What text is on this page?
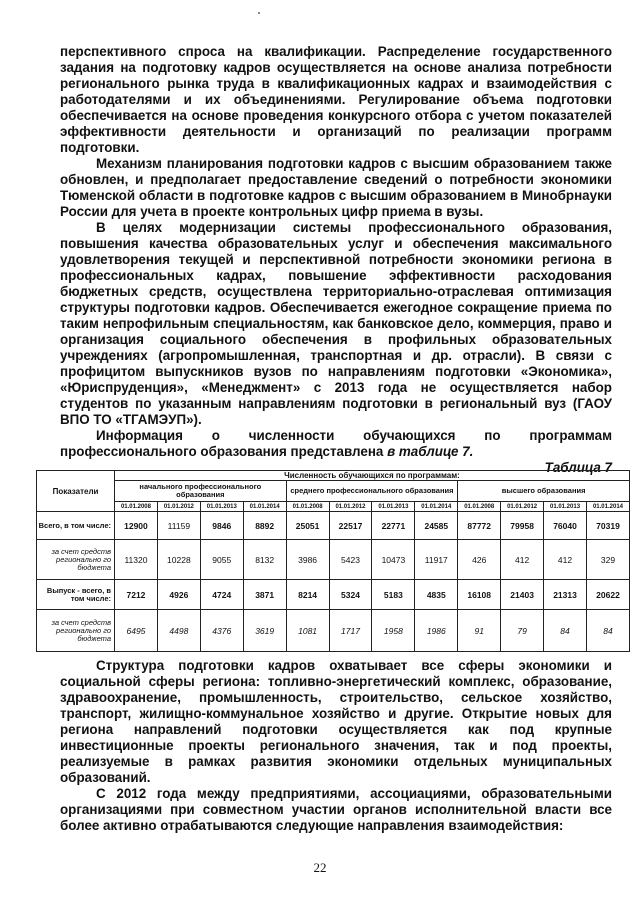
перспективного спроса на квалификации. Распределение государственного задания на подготовку кадров осуществляется на основе анализа потребности регионального рынка труда в квалификационных кадрах и взаимодействия с работодателями и их объединениями. Регулирование объема подготовки обеспечивается на основе проведения конкурсного отбора с учетом показателей эффективности деятельности и организаций по реализации программ подготовки.

Механизм планирования подготовки кадров с высшим образованием также обновлен, и предполагает предоставление сведений о потребности экономики Тюменской области в подготовке кадров с высшим образованием в Минобрнауки России для учета в проекте контрольных цифр приема в вузы.

В целях модернизации системы профессионального образования, повышения качества образовательных услуг и обеспечения максимального удовлетворения текущей и перспективной потребности экономики региона в профессиональных кадрах, повышение эффективности расходования бюджетных средств, осуществлена территориально-отраслевая оптимизация структуры подготовки кадров. Обеспечивается ежегодное сокращение приема по таким непрофильным специальностям, как банковское дело, коммерция, право и организация социального обеспечения в профильных образовательных учреждениях (агропромышленная, транспортная и др. отрасли). В связи с профицитом выпускников вузов по направлениям подготовки «Экономика», «Юриспруденция», «Менеджмент» с 2013 года не осуществляется набор студентов по указанным направлениям подготовки в региональный вуз (ГАОУ ВПО ТО «ТГАМЭУП»).

Информация о численности обучающихся по программам профессионального образования представлена в таблице 7.

Таблица 7

Показатели	Численность обучающихся по программам:											
	начального профессионального образования				среднего профессионального образования				высшего образования			
	01.01.2008	01.01.2012	01.01.2013	01.01.2014	01.01.2008	01.01.2012	01.01.2013	01.01.2014	01.01.2008	01.01.2012	01.01.2013	01.01.2014
Всего, в том числе:	12900	11159	9846	8892	25051	22517	22771	24585	87772	79958	76040	70319
за счет средств регионально го бюджета	11320	10228	9055	8132	3986	5423	10473	11917	426	412	412	329
Выпуск - всего, в том числе:	7212	4926	4724	3871	8214	5324	5183	4835	16108	21403	21313	20622
за счет средств регионально го бюджета	6495	4498	4376	3619	1081	1717	1958	1986	91	79	84	84

Структура подготовки кадров охватывает все сферы экономики и социальной сферы региона: топливно-энергетический комплекс, образование, здравоохранение, промышленность, строительство, сельское хозяйство, транспорт, жилищно-коммунальное хозяйство и другие. Открытие новых для региона направлений подготовки осуществляется как под крупные инвестиционные проекты регионального значения, так и под проекты, реализуемые в рамках развития экономики отдельных муниципальных образований.

С 2012 года между предприятиями, ассоциациями, образовательными организациями при совместном участии органов исполнительной власти все более активно отрабатываются следующие направления взаимодействия:

22
